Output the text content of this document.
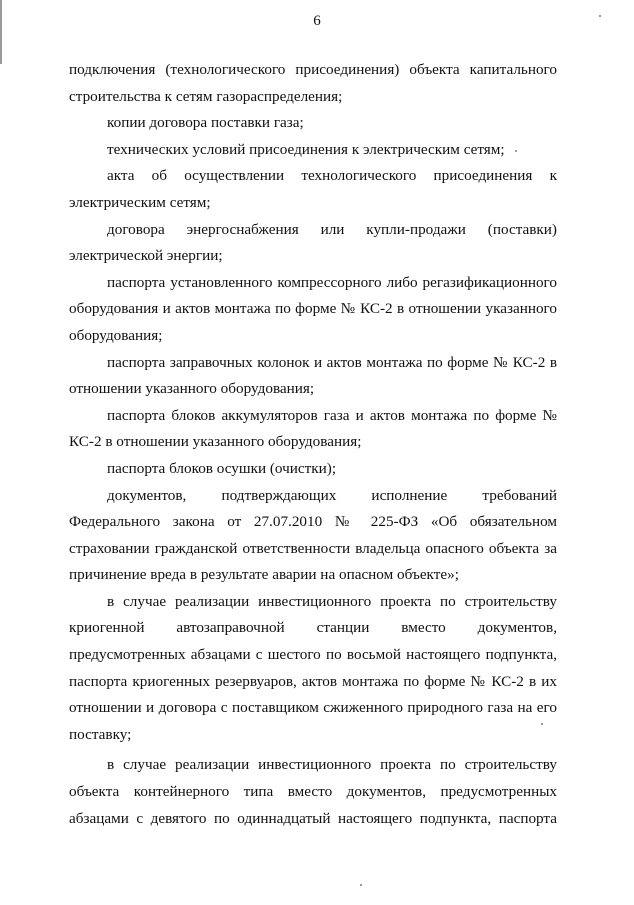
6

подключения (технологического присоединения) объекта капитального строительства к сетям газораспределения;

копии договора поставки газа;

технических условий присоединения к электрическим сетям;

акта об осуществлении технологического присоединения к электрическим сетям;

договора энергоснабжения или купли-продажи (поставки) электрической энергии;

паспорта установленного компрессорного либо регазификационного оборудования и актов монтажа по форме № КС-2 в отношении указанного оборудования;

паспорта заправочных колонок и актов монтажа по форме № КС-2 в отношении указанного оборудования;

паспорта блоков аккумуляторов газа и актов монтажа по форме № КС-2 в отношении указанного оборудования;

паспорта блоков осушки (очистки);

документов, подтверждающих исполнение требований Федерального закона от 27.07.2010 № 225-ФЗ «Об обязательном страховании гражданской ответственности владельца опасного объекта за причинение вреда в результате аварии на опасном объекте»;

в случае реализации инвестиционного проекта по строительству криогенной автозаправочной станции вместо документов, предусмотренных абзацами с шестого по восьмой настоящего подпункта, паспорта криогенных резервуаров, актов монтажа по форме № КС-2 в их отношении и договора с поставщиком сжиженного природного газа на его поставку;

в случае реализации инвестиционного проекта по строительству объекта контейнерного типа вместо документов, предусмотренных абзацами с девятого по одиннадцатый настоящего подпункта, паспорта
